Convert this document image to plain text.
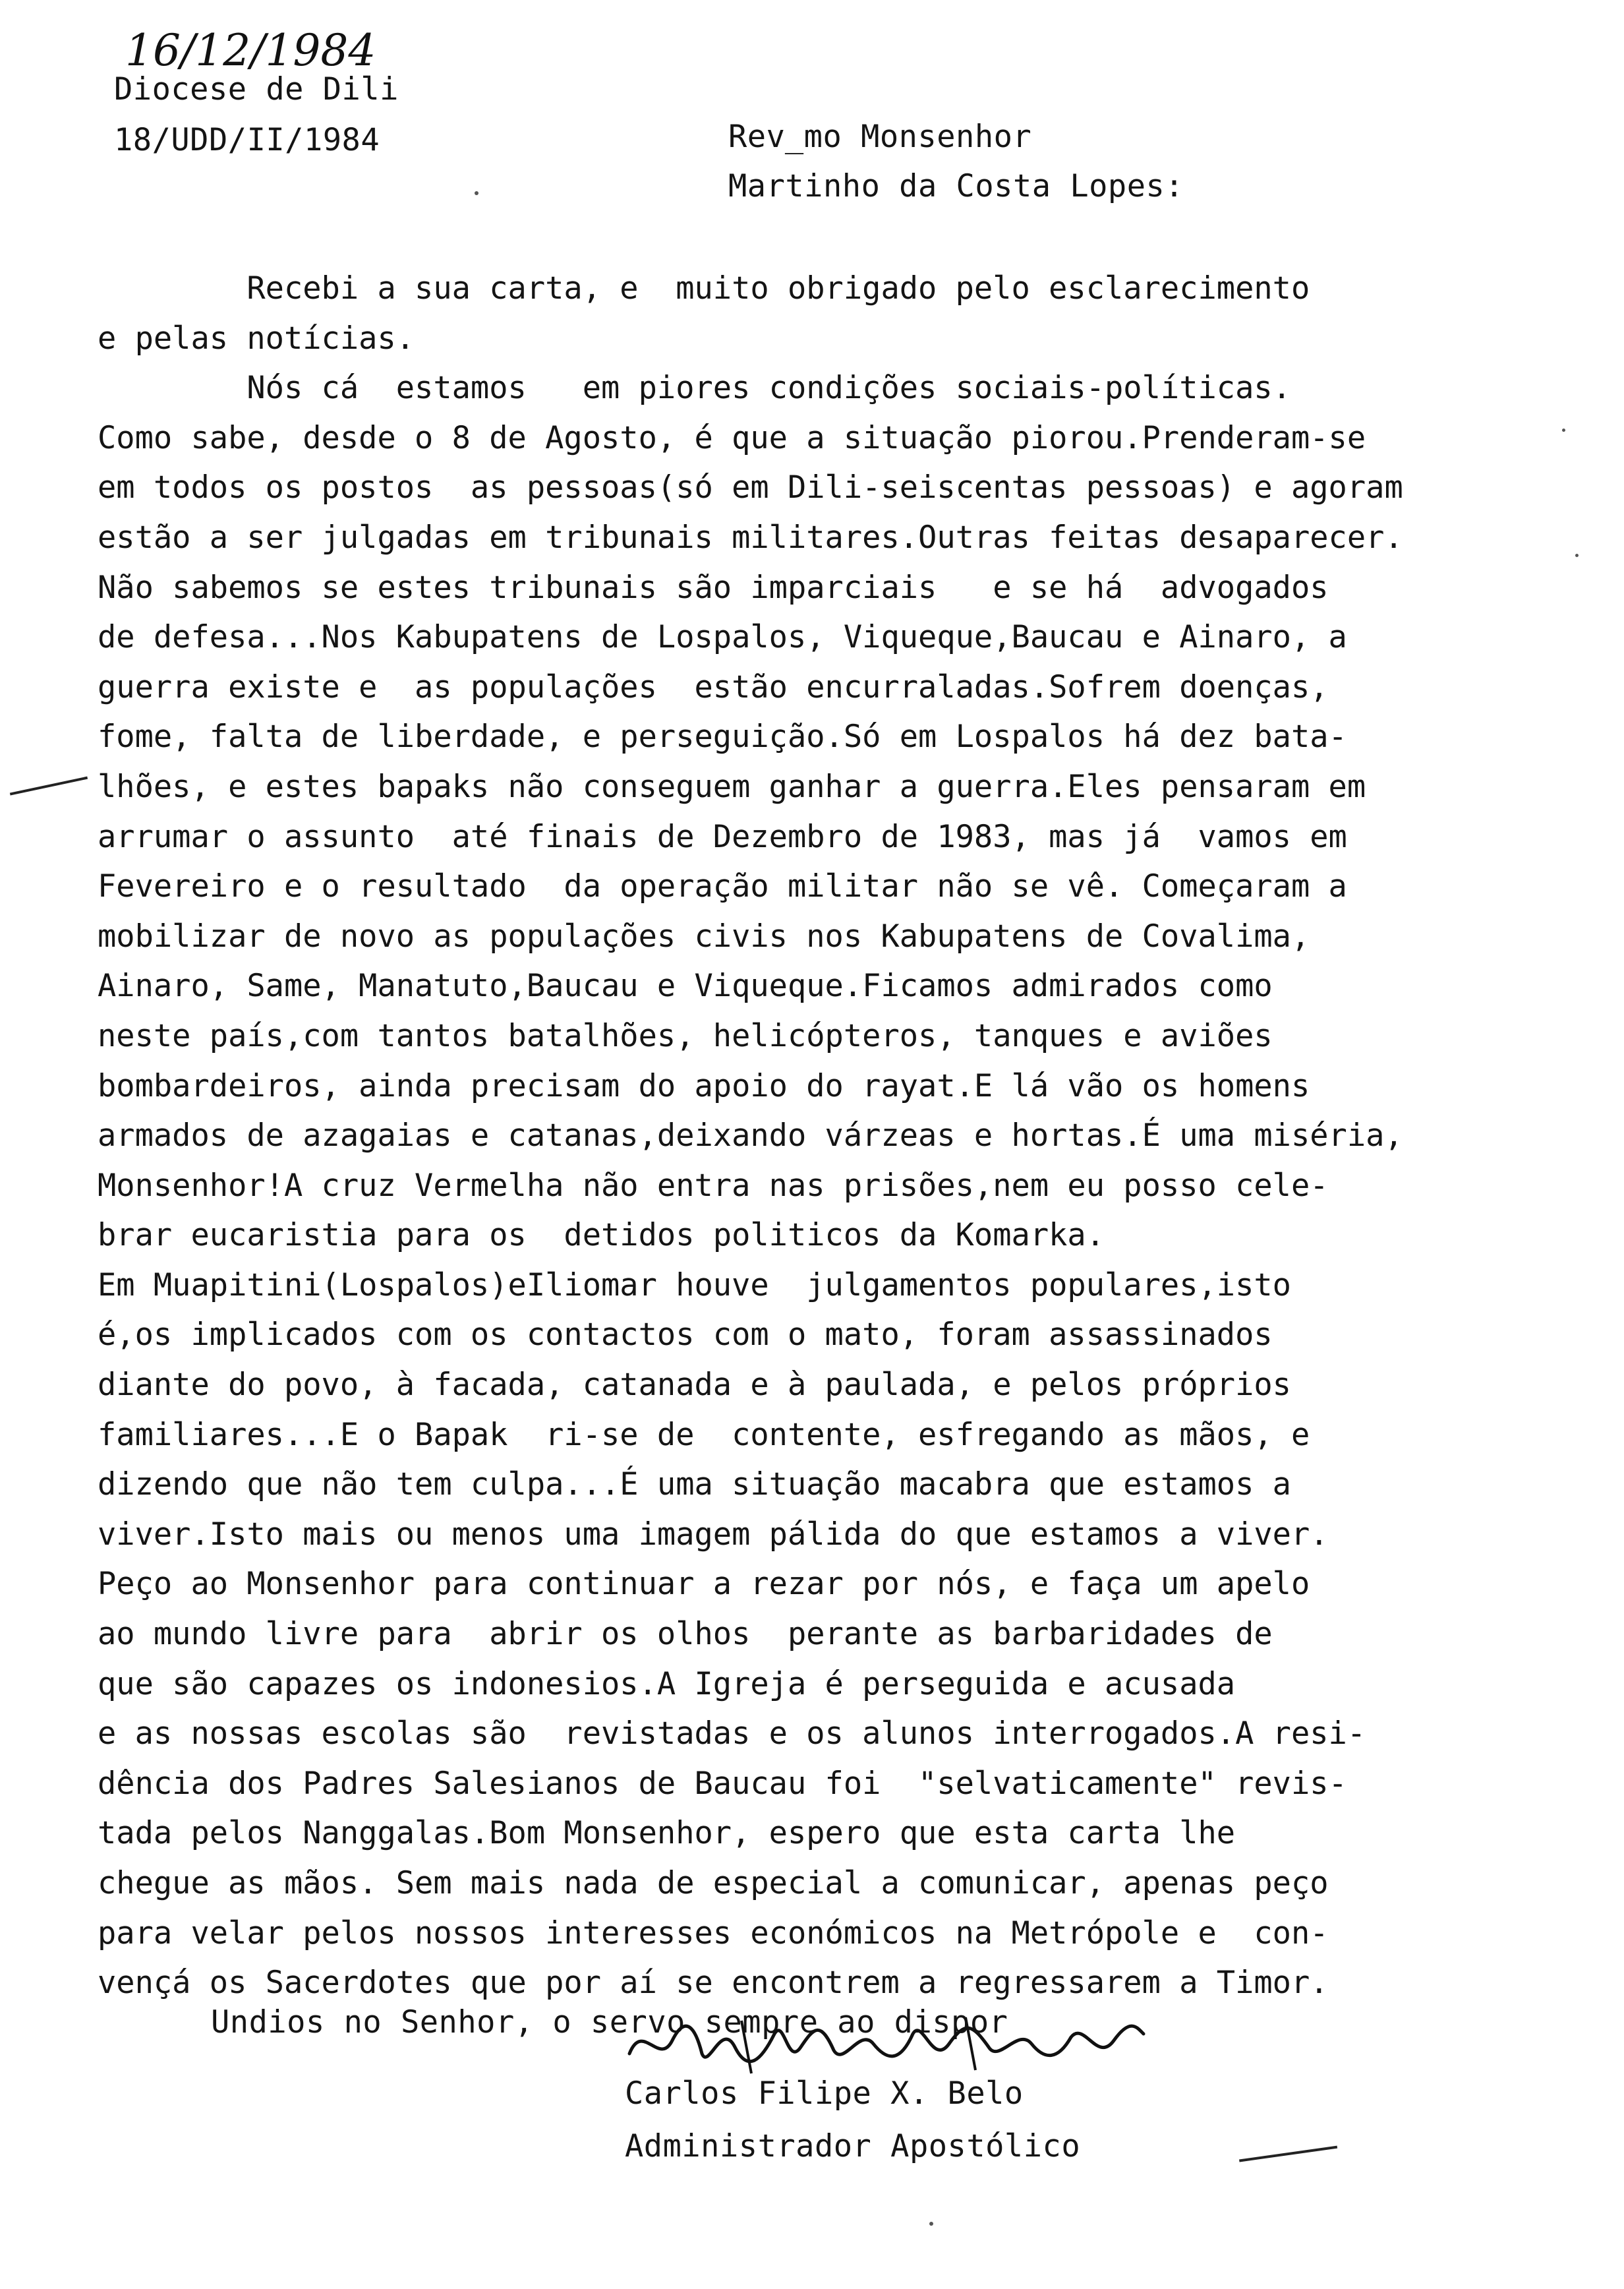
16/12/1984
Diocese de Dili
18/UDD/II/1984	Rev̲mo Monsenhor
Martinho da Costa Lopes:
Recebi a sua carta, e  muito obrigado pelo esclarecimento
e pelas notícias.
Nós cá  estamos   em piores condições sociais-políticas.
Como sabe, desde o 8 de Agosto, é que a situação piorou.Prenderam-se
em todos os postos  as pessoas(só em Dili-seiscentas pessoas) e agoram
estão a ser julgadas em tribunais militares.Outras feitas desaparecer.
Não sabemos se estes tribunais são imparciais   e se há  advogados
de defesa...Nos Kabupatens de Lospalos, Viqueque,Baucau e Ainaro, a
guerra existe e  as populações  estão encurraladas.Sofrem doenças,
fome, falta de liberdade, e perseguição.Só em Lospalos há dez bata-
lhões, e estes bapaks não conseguem ganhar a guerra.Eles pensaram em
arrumar o assunto  até finais de Dezembro de 1983, mas já  vamos em
Fevereiro e o resultado  da operação militar não se vê. Começaram a
mobilizar de novo as populações civis nos Kabupatens de Covalima,
Ainaro, Same, Manatuto,Baucau e Viqueque.Ficamos admirados como
neste país,com tantos batalhões, helicópteros, tanques e aviões
bombardeiros, ainda precisam do apoio do rayat.E lá vão os homens
armados de azagaias e catanas,deixando várzeas e hortas.É uma miséria,
Monsenhor!A cruz Vermelha não entra nas prisões,nem eu posso cele-
brar eucaristia para os  detidos politicos da Komarka.
Em Muapitini(Lospalos)eIliomar houve  julgamentos populares,isto
é,os implicados com os contactos com o mato, foram assassinados
diante do povo, à facada, catanada e à paulada, e pelos próprios
familiares...E o Bapak  ri-se de  contente, esfregando as mãos, e
dizendo que não tem culpa...É uma situação macabra que estamos a
viver.Isto mais ou menos uma imagem pálida do que estamos a viver.
Peço ao Monsenhor para continuar a rezar por nós, e faça um apelo
ao mundo livre para  abrir os olhos  perante as barbaridades de
que são capazes os indonesios.A Igreja é perseguida e acusada
e as nossas escolas são  revistadas e os alunos interrogados.A resi-
dência dos Padres Salesianos de Baucau foi  "selvaticamente" revis-
tada pelos Nanggalas.Bom Monsenhor, espero que esta carta lhe
chegue as mãos. Sem mais nada de especial a comunicar, apenas peço
para velar pelos nossos interesses económicos na Metrópole e  con-
vençá os Sacerdotes que por aí se encontrem a regressarem a Timor.
Undios no Senhor, o servo sempre ao dispor
Carlos Filipe X. Belo
Administrador Apostólico
